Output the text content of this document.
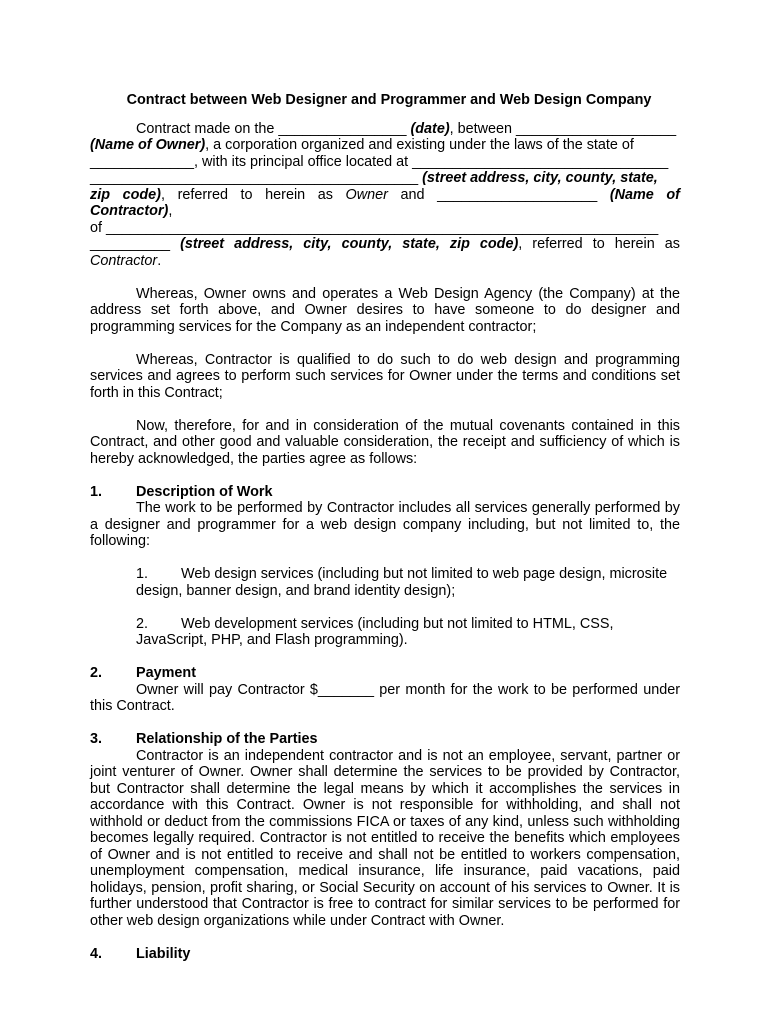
Contract between Web Designer and Programmer and Web Design Company

Contract made on the ________________ (date), between ____________________
(Name of Owner), a corporation organized and existing under the laws of the state of
_____________, with its principal office located at ________________________________
_________________________________________ (street address, city, county, state,
zip code), referred to herein as Owner and ____________________ (Name of Contractor),
of _____________________________________________________________________
__________ (street address, city, county, state, zip code), referred to herein as Contractor.

Whereas, Owner owns and operates a Web Design Agency (the Company) at the address set forth above, and Owner desires to have someone to do designer and programming services for the Company as an independent contractor;

Whereas, Contractor is qualified to do such to do web design and programming services and agrees to perform such services for Owner under the terms and conditions set forth in this Contract;

Now, therefore, for and in consideration of the mutual covenants contained in this Contract, and other good and valuable consideration, the receipt and sufficiency of which is hereby acknowledged, the parties agree as follows:

1.	Description of Work

The work to be performed by Contractor includes all services generally performed by a designer and programmer for a web design company including, but not limited to, the following:

1. Web design services (including but not limited to web page design, microsite design, banner design, and brand identity design);

2. Web development services (including but not limited to HTML, CSS, JavaScript, PHP, and Flash programming).

2.	Payment

Owner will pay Contractor $_______ per month for the work to be performed under this Contract.

3.	Relationship of the Parties

Contractor is an independent contractor and is not an employee, servant, partner or joint venturer of Owner. Owner shall determine the services to be provided by Contractor, but Contractor shall determine the legal means by which it accomplishes the services in accordance with this Contract. Owner is not responsible for withholding, and shall not withhold or deduct from the commissions FICA or taxes of any kind, unless such withholding becomes legally required. Contractor is not entitled to receive the benefits which employees of Owner and is not entitled to receive and shall not be entitled to workers compensation, unemployment compensation, medical insurance, life insurance, paid vacations, paid holidays, pension, profit sharing, or Social Security on account of his services to Owner. It is further understood that Contractor is free to contract for similar services to be performed for other web design organizations while under Contract with Owner.

4.	Liability
